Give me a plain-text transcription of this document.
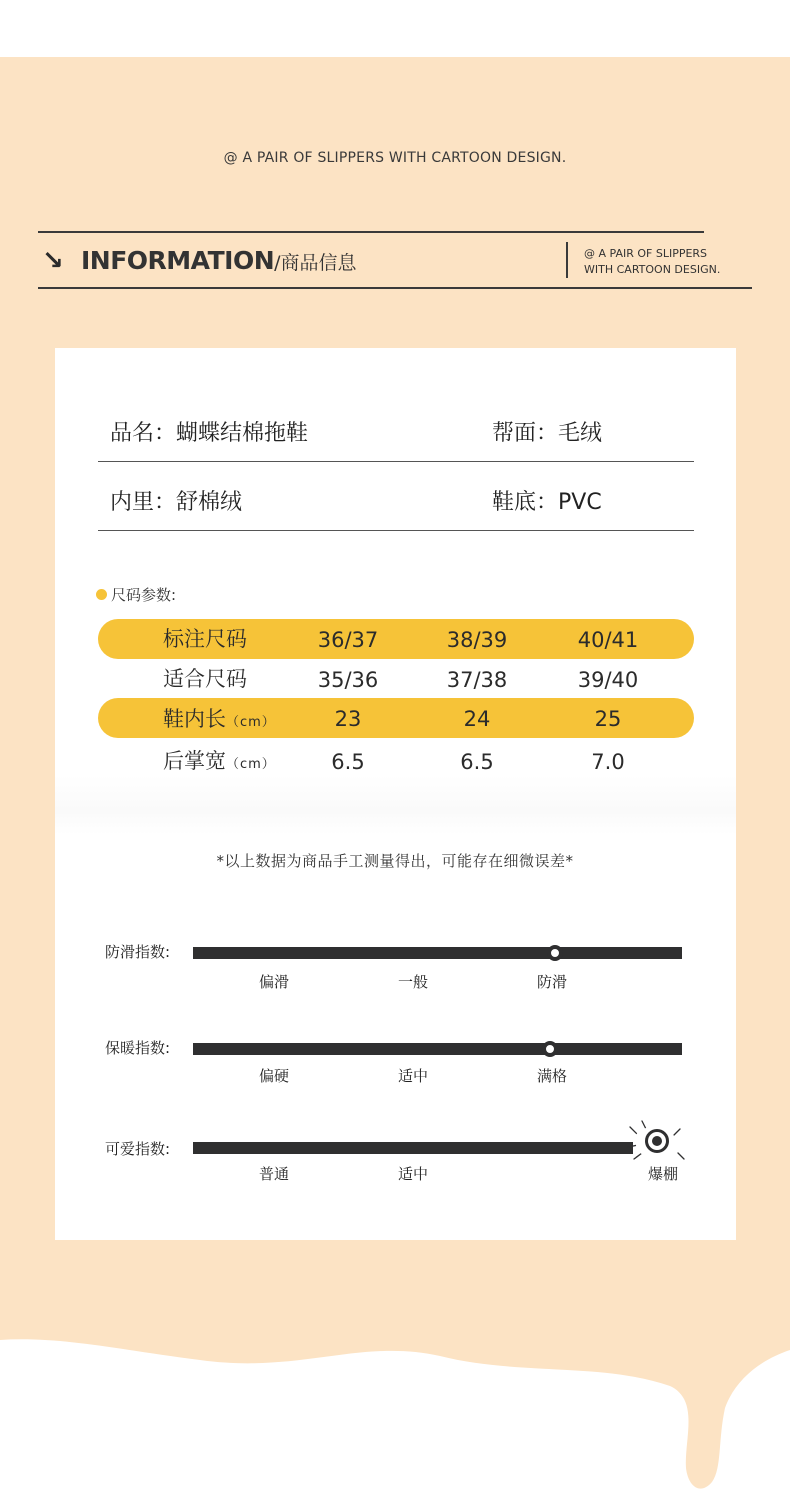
@ A PAIR OF SLIPPERS WITH CARTOON DESIGN.
↘ INFORMATION/商品信息	@ A PAIR OF SLIPPERS
WITH CARTOON DESIGN.
品名：蝴蝶结棉拖鞋	帮面：毛绒
内里：舒棉绒	鞋底：PVC
尺码参数:
标注尺码	36/37	38/39	40/41
适合尺码	35/36	37/38	39/40
鞋内长（cm）	23	24	25
后掌宽（cm）	6.5	6.5	7.0
*以上数据为商品手工测量得出，可能存在细微误差*
防滑指数:
偏滑	一般	防滑
保暖指数:
偏硬	适中	满格
可爱指数:
普通	适中	爆棚
